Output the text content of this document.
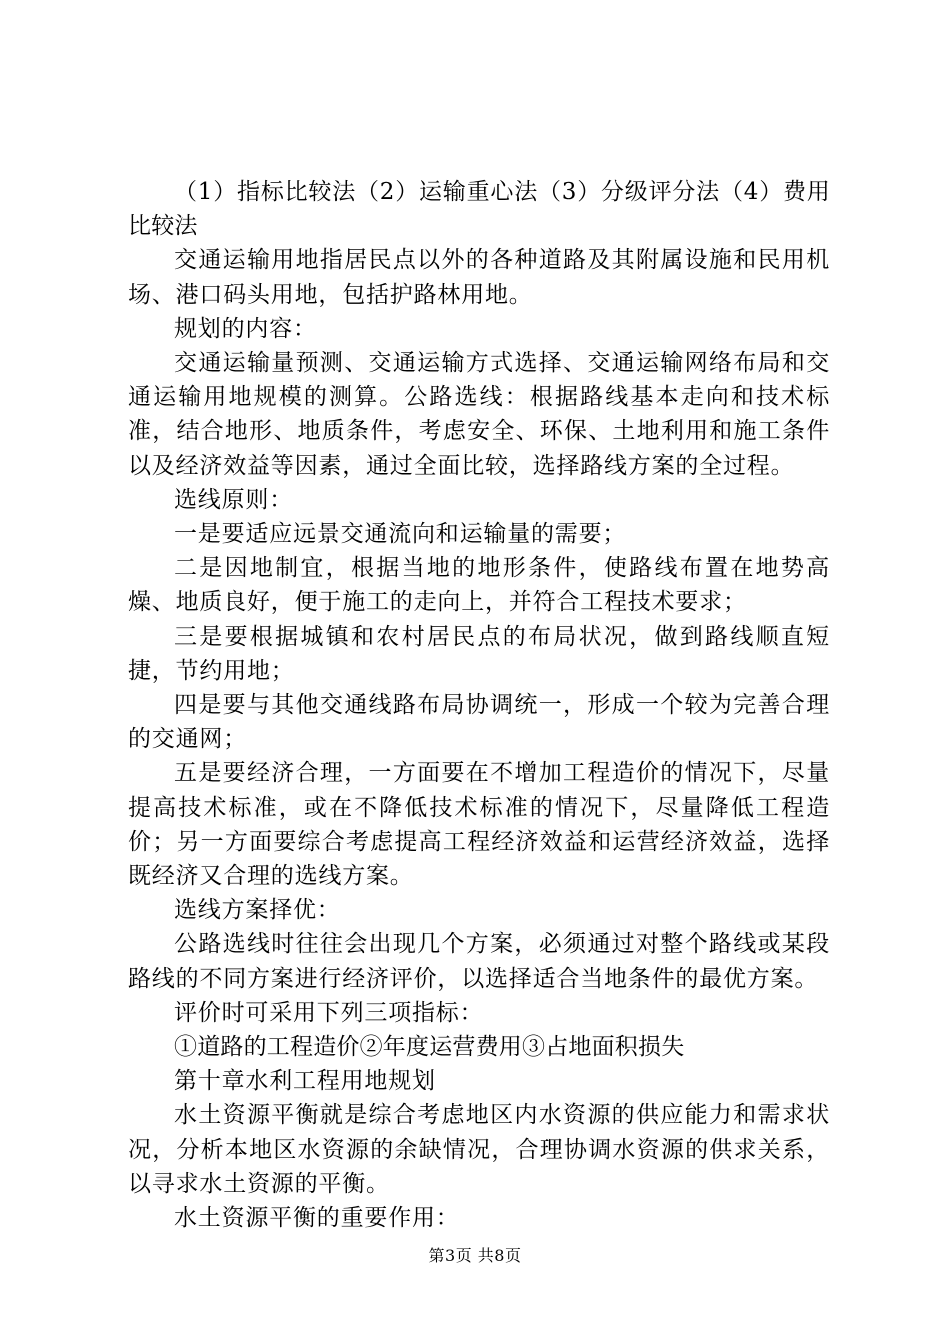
（1）指标比较法（2）运输重心法（3）分级评分法（4）费用比较法

交通运输用地指居民点以外的各种道路及其附属设施和民用机场、港口码头用地，包括护路林用地。

规划的内容：

交通运输量预测、交通运输方式选择、交通运输网络布局和交通运输用地规模的测算。公路选线：根据路线基本走向和技术标准，结合地形、地质条件，考虑安全、环保、土地利用和施工条件以及经济效益等因素，通过全面比较，选择路线方案的全过程。

选线原则：

一是要适应远景交通流向和运输量的需要；

二是因地制宜，根据当地的地形条件，使路线布置在地势高燥、地质良好，便于施工的走向上，并符合工程技术要求；

三是要根据城镇和农村居民点的布局状况，做到路线顺直短捷，节约用地；

四是要与其他交通线路布局协调统一，形成一个较为完善合理的交通网；

五是要经济合理，一方面要在不增加工程造价的情况下，尽量提高技术标准，或在不降低技术标准的情况下，尽量降低工程造价；另一方面要综合考虑提高工程经济效益和运营经济效益，选择既经济又合理的选线方案。

选线方案择优：

公路选线时往往会出现几个方案，必须通过对整个路线或某段路线的不同方案进行经济评价，以选择适合当地条件的最优方案。

评价时可采用下列三项指标：

①道路的工程造价②年度运营费用③占地面积损失

第十章水利工程用地规划

水土资源平衡就是综合考虑地区内水资源的供应能力和需求状况，分析本地区水资源的余缺情况，合理协调水资源的供求关系，以寻求水土资源的平衡。

水土资源平衡的重要作用：

第3页 共8页
